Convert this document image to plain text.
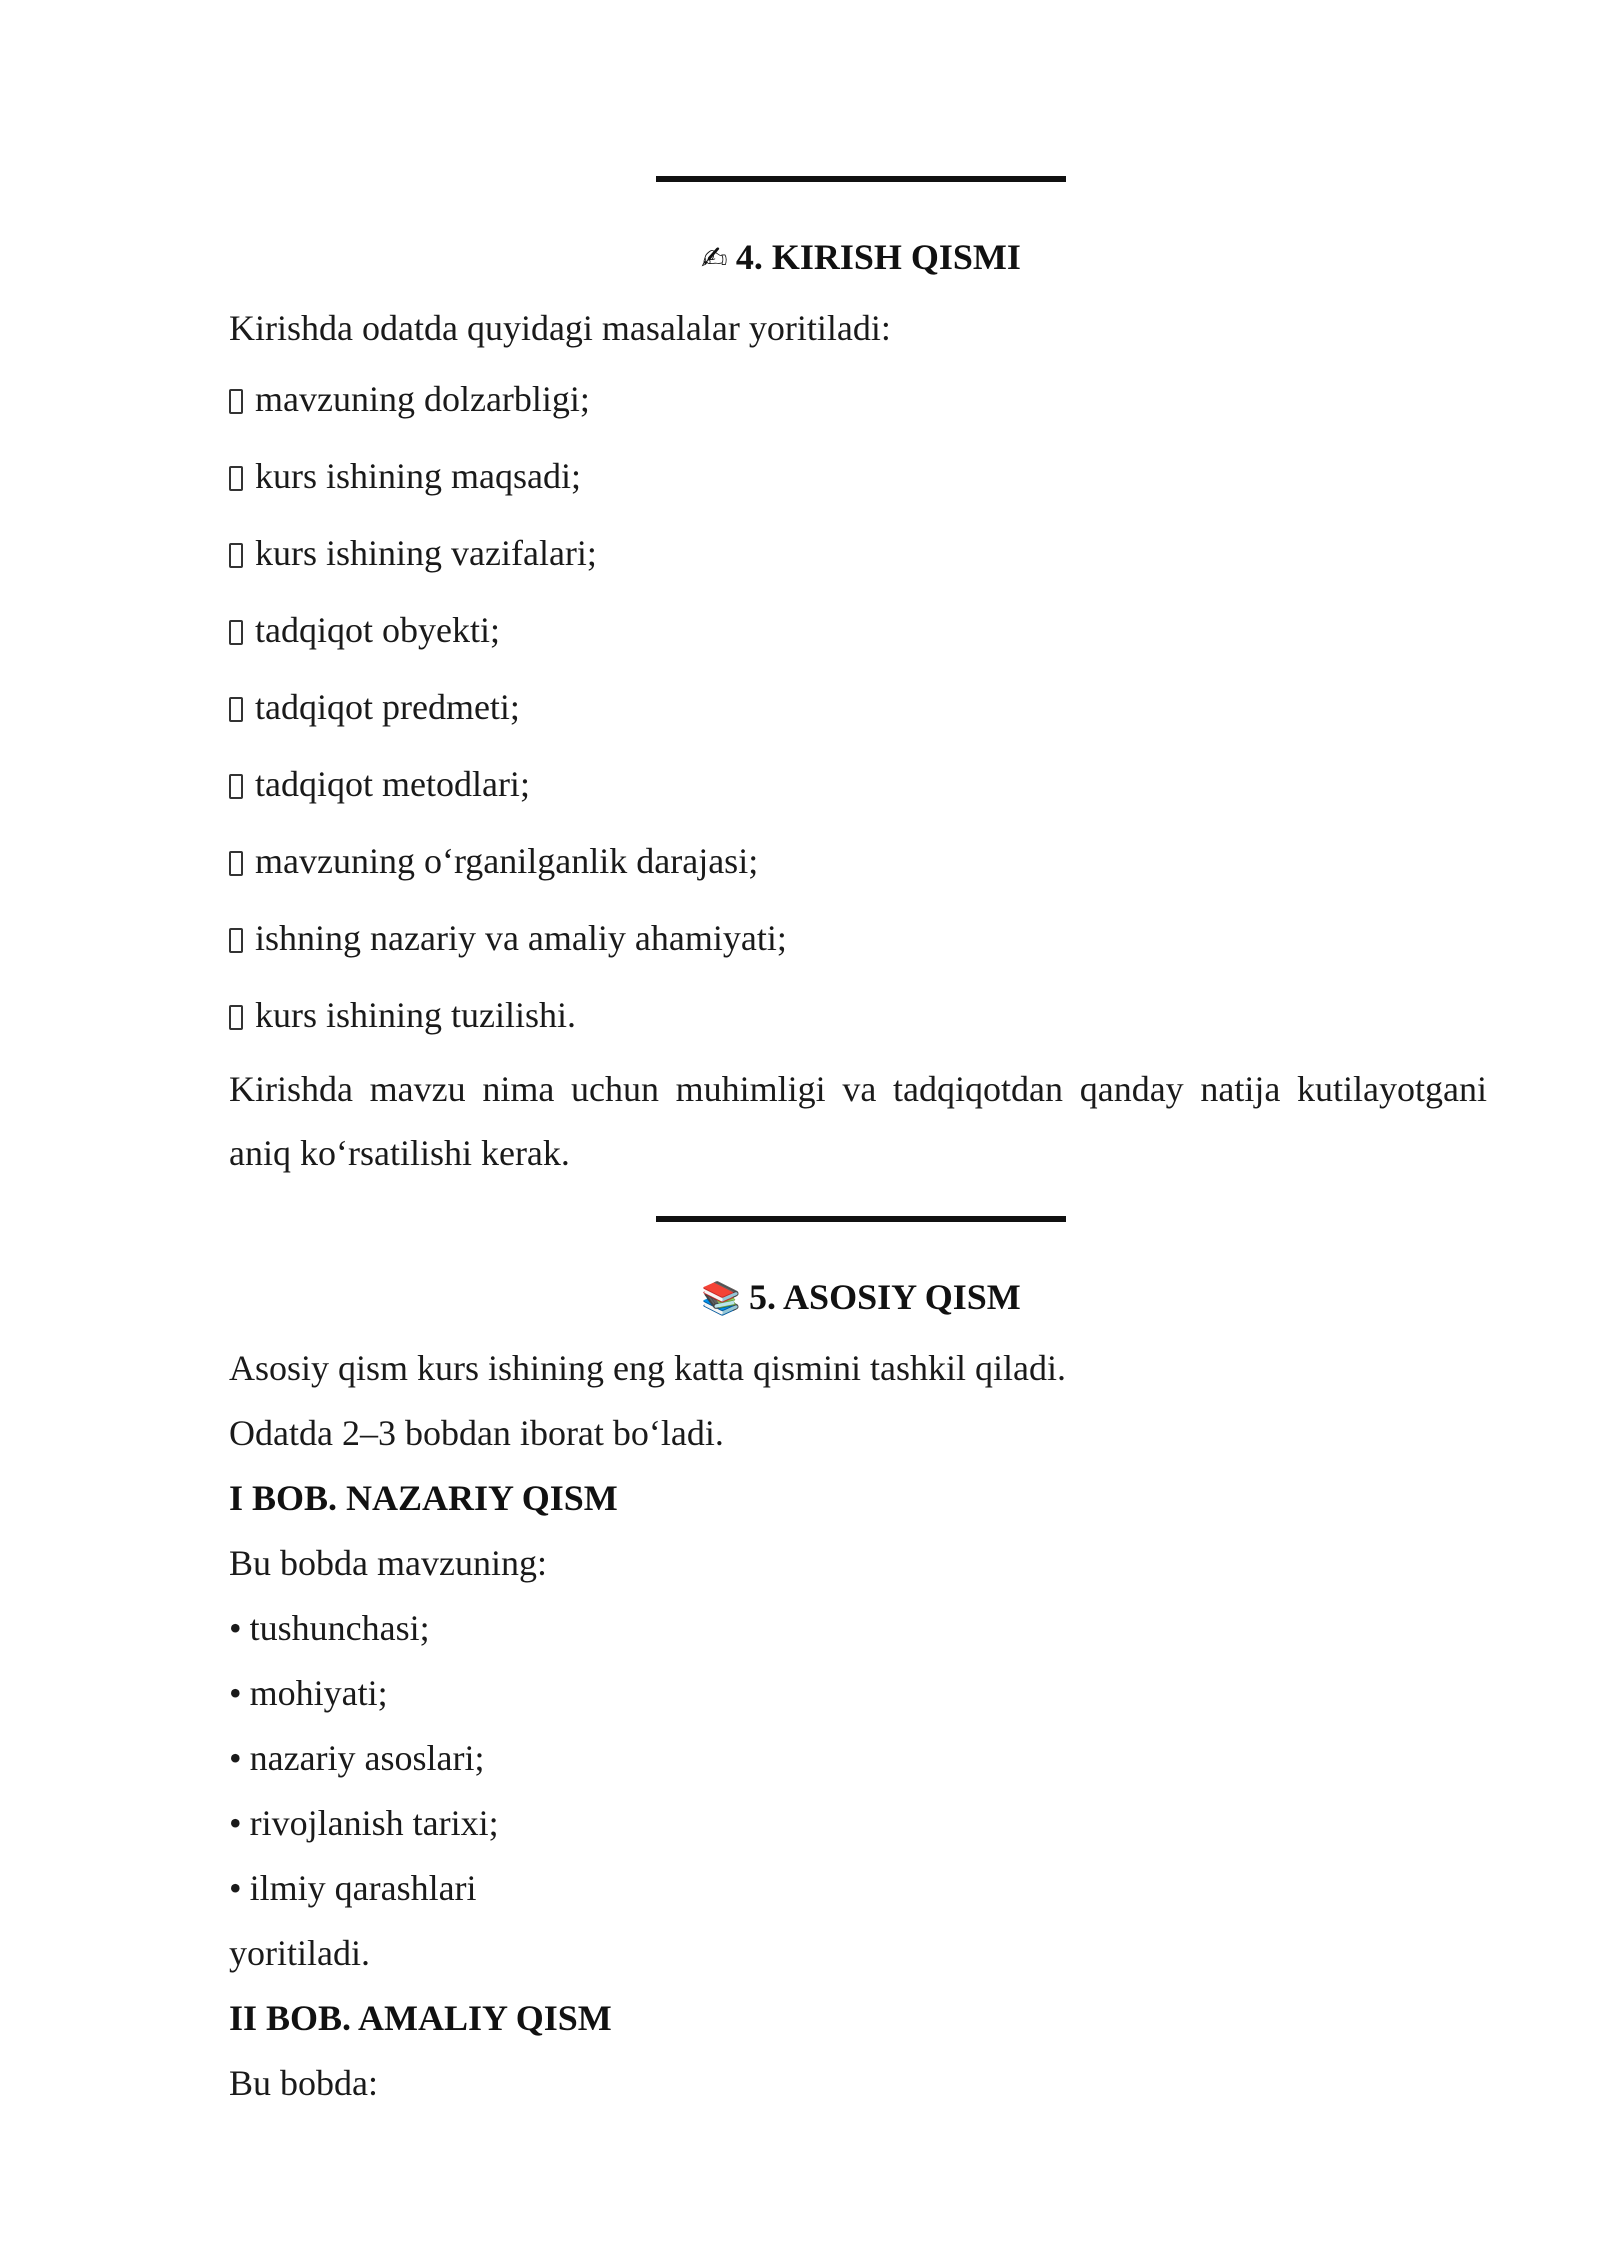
✍ 4. KIRISH QISMI
Kirishda odatda quyidagi masalalar yoritiladi:
mavzuning dolzarbligi;
kurs ishining maqsadi;
kurs ishining vazifalari;
tadqiqot obyekti;
tadqiqot predmeti;
tadqiqot metodlari;
mavzuning oʻrganilganlik darajasi;
ishning nazariy va amaliy ahamiyati;
kurs ishining tuzilishi.
Kirishda mavzu nima uchun muhimligi va tadqiqotdan qanday natija kutilayotgani aniq koʻrsatilishi kerak.
📚 5. ASOSIY QISM
Asosiy qism kurs ishining eng katta qismini tashkil qiladi.
Odatda 2–3 bobdan iborat boʻladi.
I BOB. NAZARIY QISM
Bu bobda mavzuning:
• tushunchasi;
• mohiyati;
• nazariy asoslari;
• rivojlanish tarixi;
• ilmiy qarashlari
yoritiladi.
II BOB. AMALIY QISM
Bu bobda:
